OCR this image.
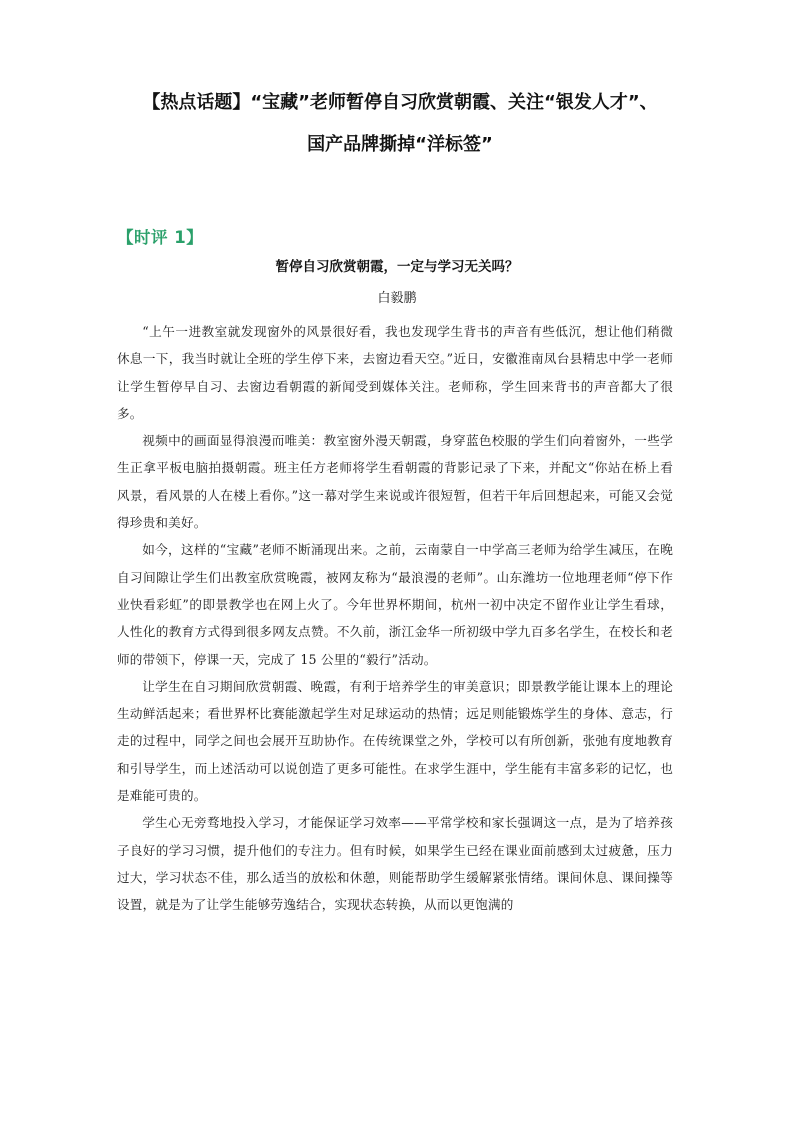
【热点话题】“宝藏”老师暂停自习欣赏朝霞、关注“银发人才”、
国产品牌撕掉“洋标签”
【时评 1】
暂停自习欣赏朝霞，一定与学习无关吗？
白毅鹏

“上午一进教室就发现窗外的风景很好看，我也发现学生背书的声音有些低沉，想让他们稍微休息一下，我当时就让全班的学生停下来，去窗边看天空。”近日，安徽淮南凤台县精忠中学一老师让学生暂停早自习、去窗边看朝霞的新闻受到媒体关注。老师称，学生回来背书的声音都大了很多。

视频中的画面显得浪漫而唯美：教室窗外漫天朝霞，身穿蓝色校服的学生们向着窗外，一些学生正拿平板电脑拍摄朝霞。班主任方老师将学生看朝霞的背影记录了下来，并配文“你站在桥上看风景，看风景的人在楼上看你。”这一幕对学生来说或许很短暂，但若干年后回想起来，可能又会觉得珍贵和美好。

如今，这样的“宝藏”老师不断涌现出来。之前，云南蒙自一中学高三老师为给学生减压，在晚自习间隙让学生们出教室欣赏晚霞，被网友称为“最浪漫的老师”。山东潍坊一位地理老师“停下作业快看彩虹”的即景教学也在网上火了。今年世界杯期间，杭州一初中决定不留作业让学生看球，人性化的教育方式得到很多网友点赞。不久前，浙江金华一所初级中学九百多名学生，在校长和老师的带领下，停课一天，完成了 15 公里的“毅行”活动。

让学生在自习期间欣赏朝霞、晚霞，有利于培养学生的审美意识；即景教学能让课本上的理论生动鲜活起来；看世界杯比赛能激起学生对足球运动的热情；远足则能锻炼学生的身体、意志，行走的过程中，同学之间也会展开互助协作。在传统课堂之外，学校可以有所创新，张弛有度地教育和引导学生，而上述活动可以说创造了更多可能性。在求学生涯中，学生能有丰富多彩的记忆，也是难能可贵的。

学生心无旁骛地投入学习，才能保证学习效率——平常学校和家长强调这一点，是为了培养孩子良好的学习习惯，提升他们的专注力。但有时候，如果学生已经在课业面前感到太过疲惫，压力过大，学习状态不佳，那么适当的放松和休憩，则能帮助学生缓解紧张情绪。课间休息、课间操等设置，就是为了让学生能够劳逸结合，实现状态转换，从而以更饱满的
